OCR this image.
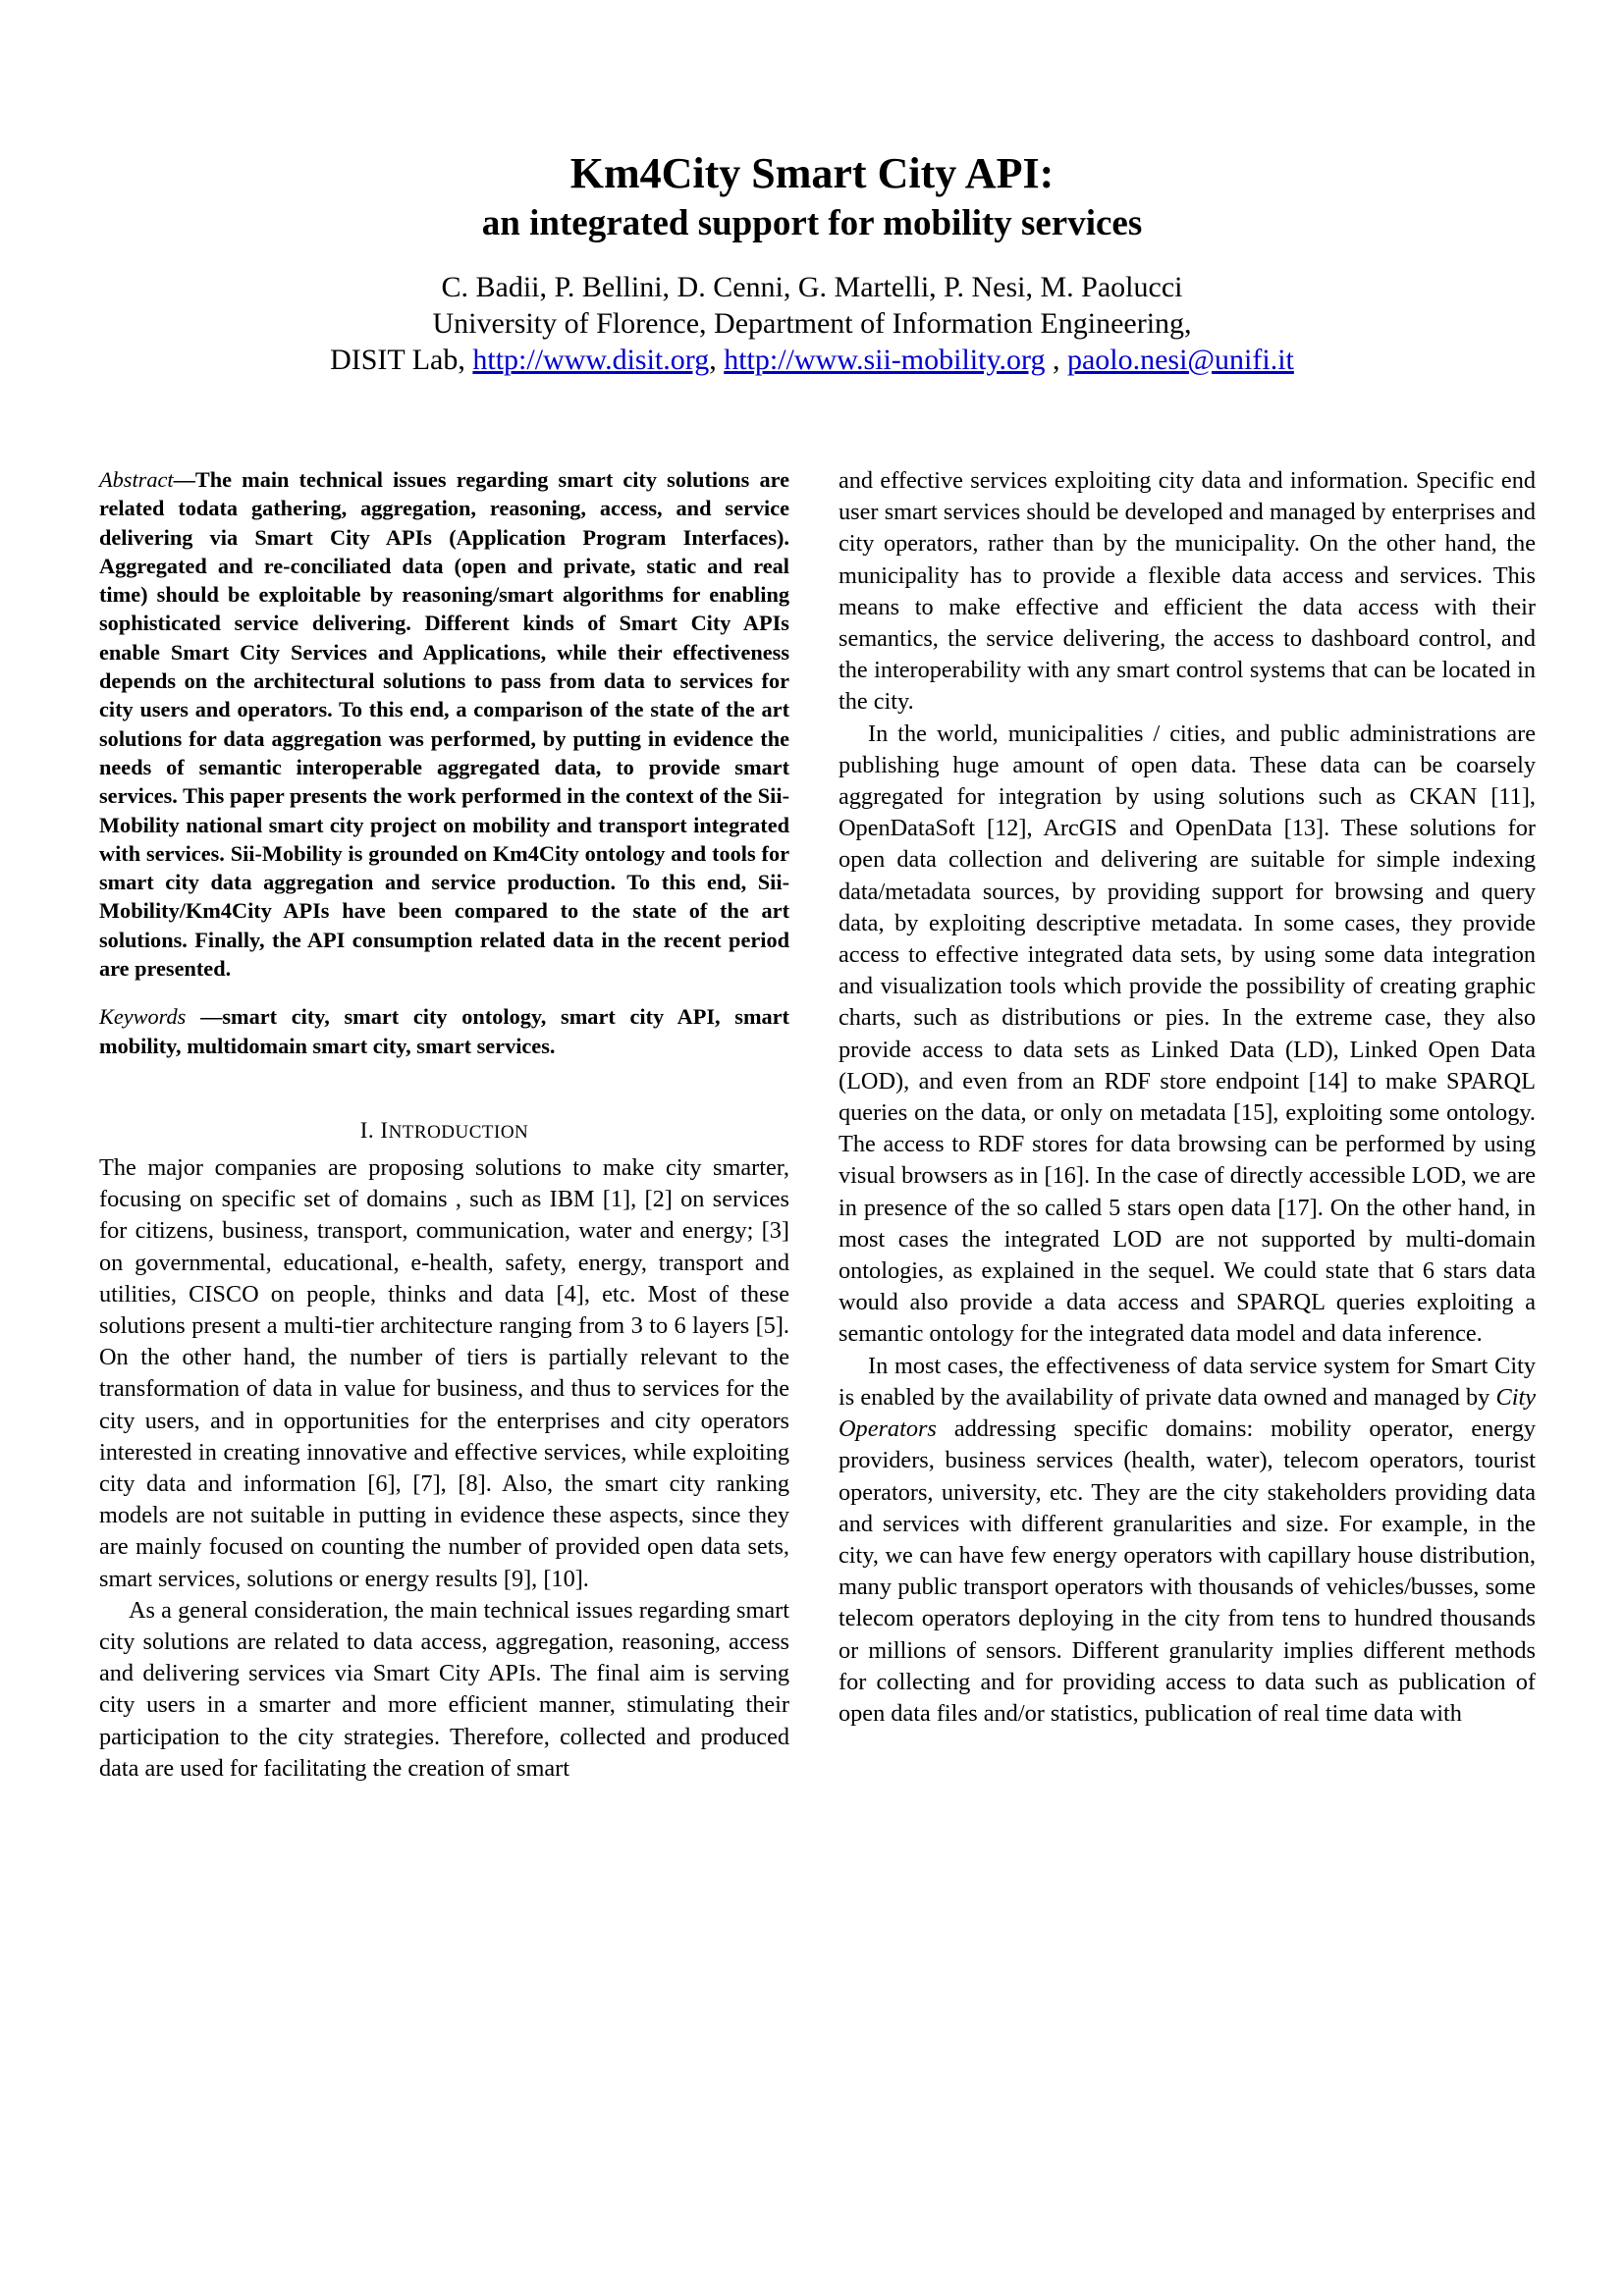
Km4City Smart City API:
an integrated support for mobility services
C. Badii, P. Bellini, D. Cenni, G. Martelli, P. Nesi, M. Paolucci
University of Florence, Department of Information Engineering,
DISIT Lab, http://www.disit.org, http://www.sii-mobility.org , paolo.nesi@unifi.it

Abstract—The main technical issues regarding smart city solutions are related todata gathering, aggregation, reasoning, access, and service delivering via Smart City APIs (Application Program Interfaces). Aggregated and re-conciliated data (open and private, static and real time) should be exploitable by reasoning/smart algorithms for enabling sophisticated service delivering. Different kinds of Smart City APIs enable Smart City Services and Applications, while their effectiveness depends on the architectural solutions to pass from data to services for city users and operators. To this end, a comparison of the state of the art solutions for data aggregation was performed, by putting in evidence the needs of semantic interoperable aggregated data, to provide smart services. This paper presents the work performed in the context of the Sii-Mobility national smart city project on mobility and transport integrated with services. Sii-Mobility is grounded on Km4City ontology and tools for smart city data aggregation and service production. To this end, Sii-Mobility/Km4City APIs have been compared to the state of the art solutions. Finally, the API consumption related data in the recent period are presented.

Keywords —smart city, smart city ontology, smart city API, smart mobility, multidomain smart city, smart services.

I. INTRODUCTION

The major companies are proposing solutions to make city smarter, focusing on specific set of domains , such as IBM [1], [2] on services for citizens, business, transport, communication, water and energy; [3] on governmental, educational, e-health, safety, energy, transport and utilities, CISCO on people, thinks and data [4], etc. Most of these solutions present a multi-tier architecture ranging from 3 to 6 layers [5]. On the other hand, the number of tiers is partially relevant to the transformation of data in value for business, and thus to services for the city users, and in opportunities for the enterprises and city operators interested in creating innovative and effective services, while exploiting city data and information [6], [7], [8]. Also, the smart city ranking models are not suitable in putting in evidence these aspects, since they are mainly focused on counting the number of provided open data sets, smart services, solutions or energy results [9], [10].

As a general consideration, the main technical issues regarding smart city solutions are related to data access, aggregation, reasoning, access and delivering services via Smart City APIs. The final aim is serving city users in a smarter and more efficient manner, stimulating their participation to the city strategies. Therefore, collected and produced data are used for facilitating the creation of smart

and effective services exploiting city data and information. Specific end user smart services should be developed and managed by enterprises and city operators, rather than by the municipality. On the other hand, the municipality has to provide a flexible data access and services. This means to make effective and efficient the data access with their semantics, the service delivering, the access to dashboard control, and the interoperability with any smart control systems that can be located in the city.

In the world, municipalities / cities, and public administrations are publishing huge amount of open data. These data can be coarsely aggregated for integration by using solutions such as CKAN [11], OpenDataSoft [12], ArcGIS and OpenData [13]. These solutions for open data collection and delivering are suitable for simple indexing data/metadata sources, by providing support for browsing and query data, by exploiting descriptive metadata. In some cases, they provide access to effective integrated data sets, by using some data integration and visualization tools which provide the possibility of creating graphic charts, such as distributions or pies. In the extreme case, they also provide access to data sets as Linked Data (LD), Linked Open Data (LOD), and even from an RDF store endpoint [14] to make SPARQL queries on the data, or only on metadata [15], exploiting some ontology. The access to RDF stores for data browsing can be performed by using visual browsers as in [16]. In the case of directly accessible LOD, we are in presence of the so called 5 stars open data [17]. On the other hand, in most cases the integrated LOD are not supported by multi-domain ontologies, as explained in the sequel. We could state that 6 stars data would also provide a data access and SPARQL queries exploiting a semantic ontology for the integrated data model and data inference.

In most cases, the effectiveness of data service system for Smart City is enabled by the availability of private data owned and managed by City Operators addressing specific domains: mobility operator, energy providers, business services (health, water), telecom operators, tourist operators, university, etc. They are the city stakeholders providing data and services with different granularities and size. For example, in the city, we can have few energy operators with capillary house distribution, many public transport operators with thousands of vehicles/busses, some telecom operators deploying in the city from tens to hundred thousands or millions of sensors. Different granularity implies different methods for collecting and for providing access to data such as publication of open data files and/or statistics, publication of real time data with
